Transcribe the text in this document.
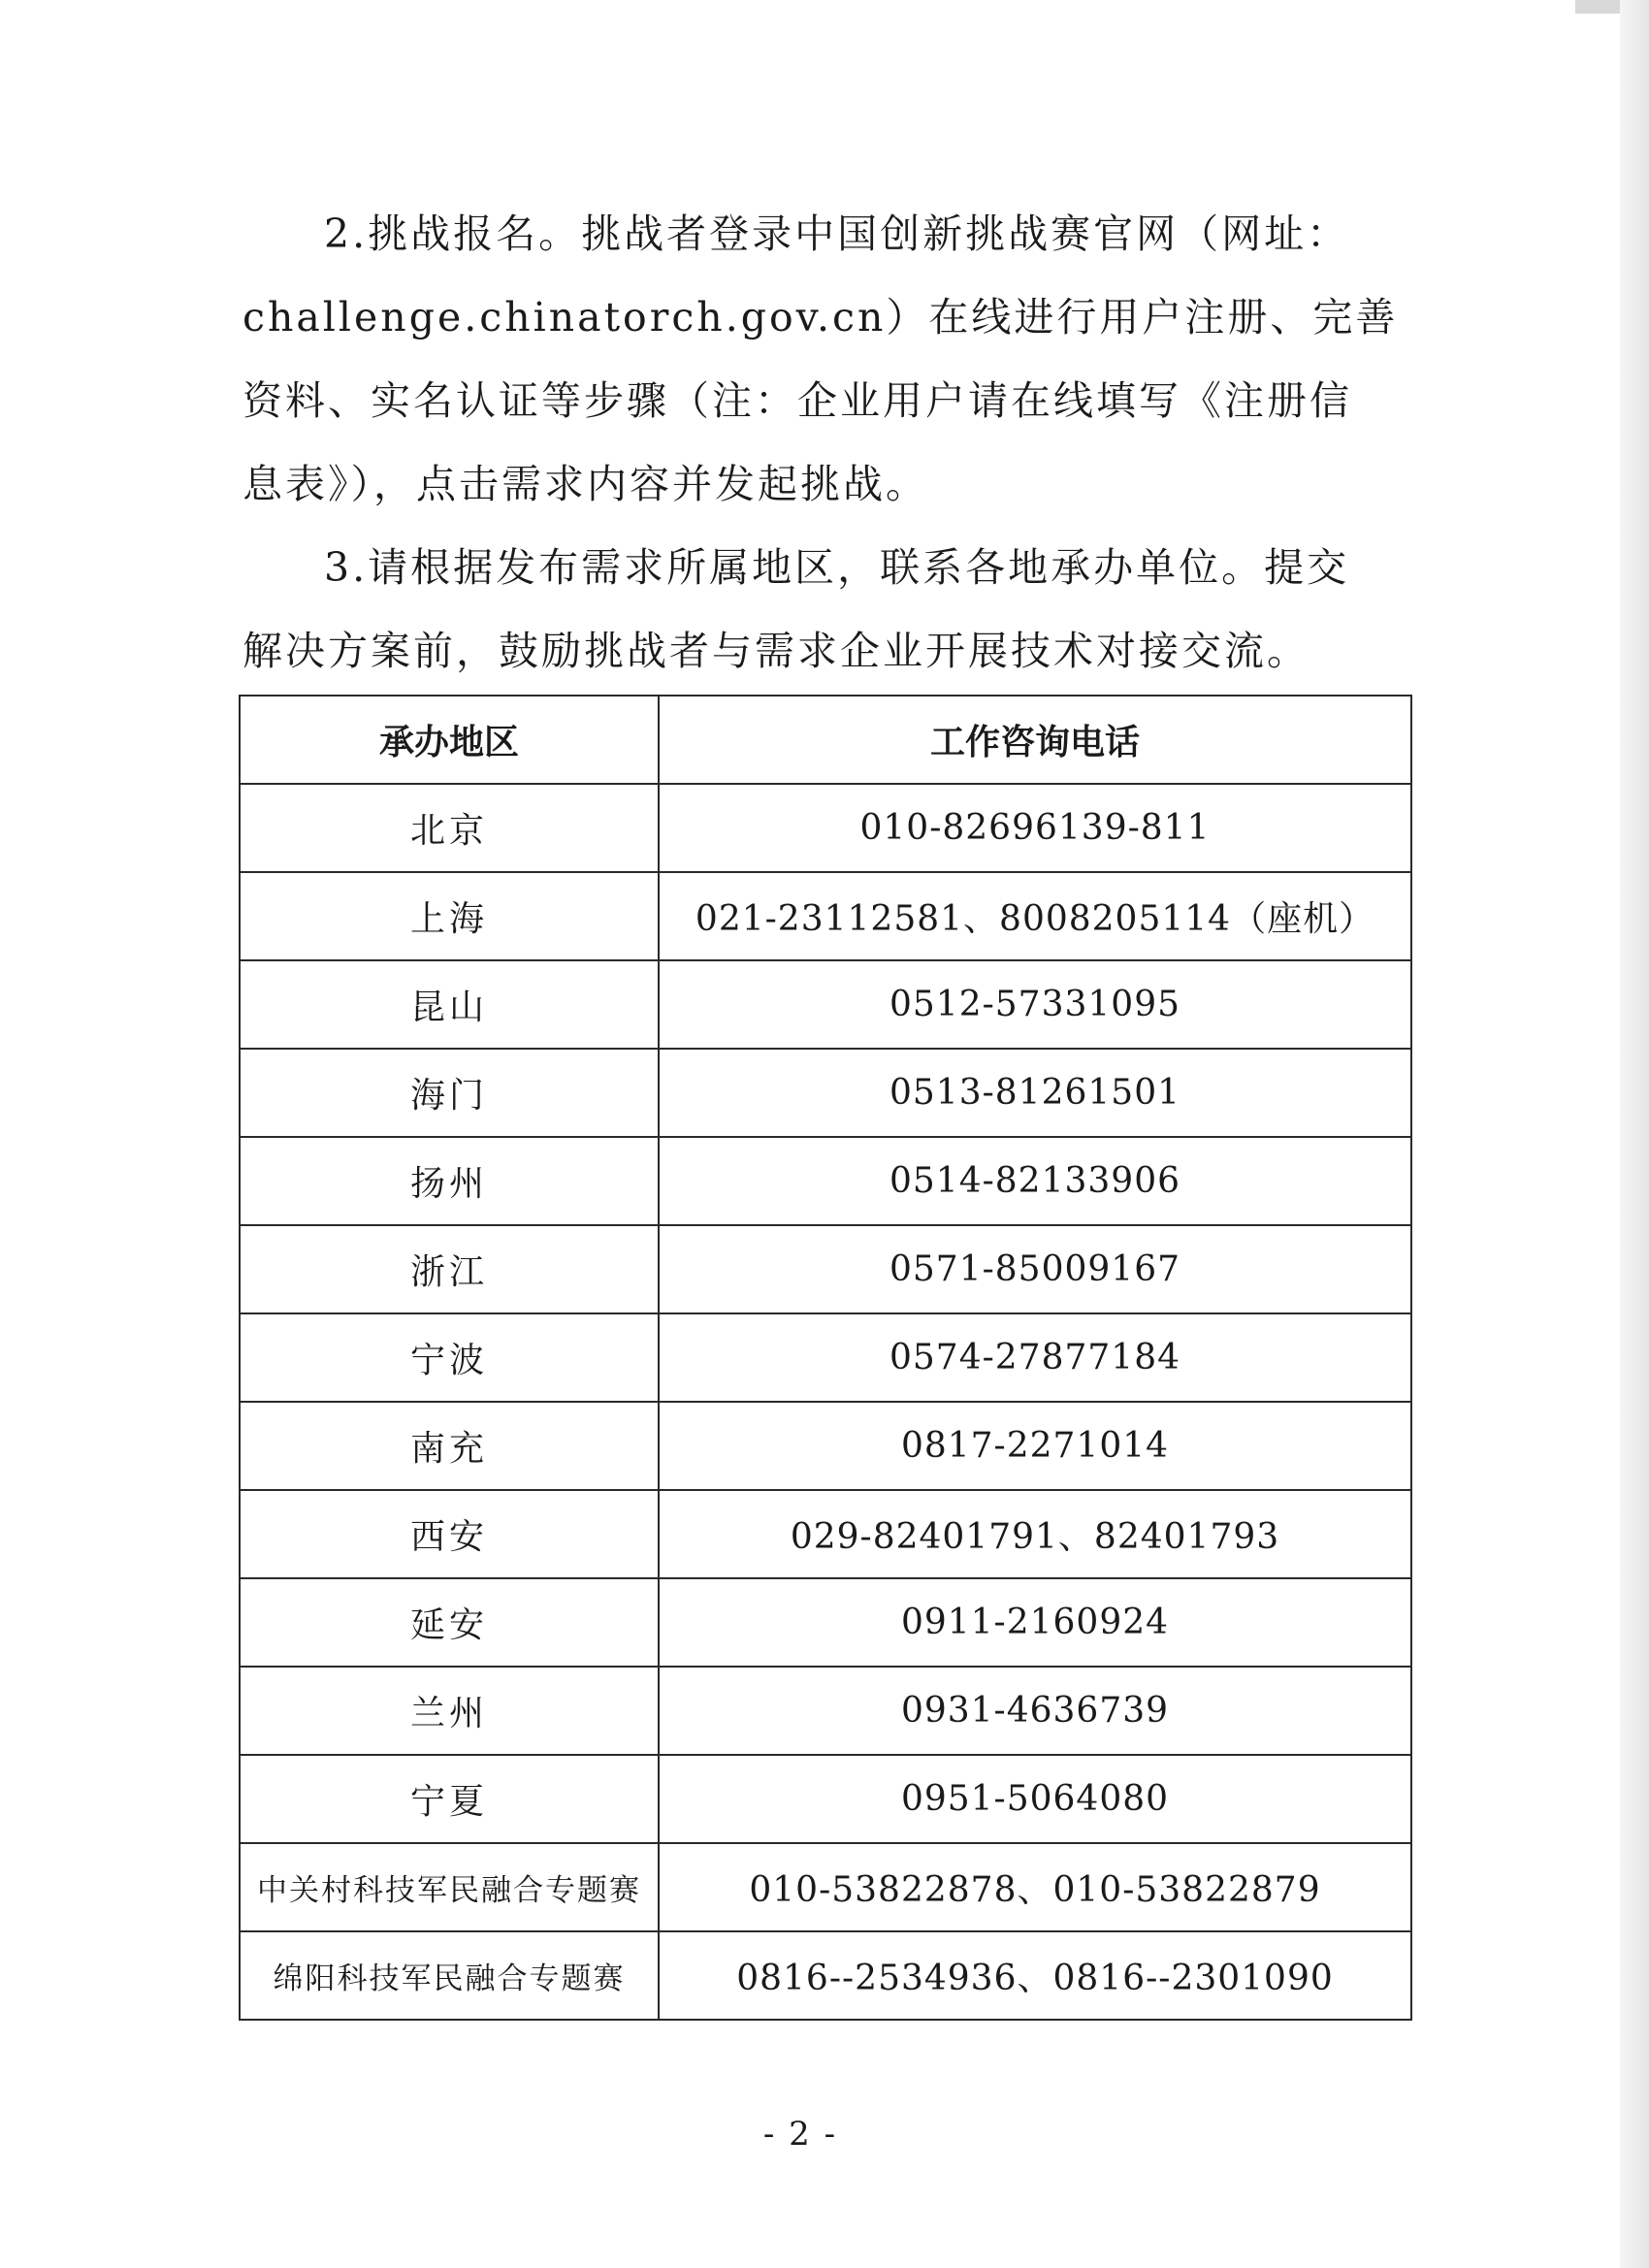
2.挑战报名。挑战者登录中国创新挑战赛官网（网址：
challenge.chinatorch.gov.cn）在线进行用户注册、完善
资料、实名认证等步骤（注：企业用户请在线填写《注册信
息表》），点击需求内容并发起挑战。

3.请根据发布需求所属地区，联系各地承办单位。提交
解决方案前，鼓励挑战者与需求企业开展技术对接交流。

承办地区	工作咨询电话
北京	010-82696139-811
上海	021-23112581、8008205114（座机）
昆山	0512-57331095
海门	0513-81261501
扬州	0514-82133906
浙江	0571-85009167
宁波	0574-27877184
南充	0817-2271014
西安	029-82401791、82401793
延安	0911-2160924
兰州	0931-4636739
宁夏	0951-5064080
中关村科技军民融合专题赛	010-53822878、010-53822879
绵阳科技军民融合专题赛	0816--2534936、0816--2301090
- 2 -
